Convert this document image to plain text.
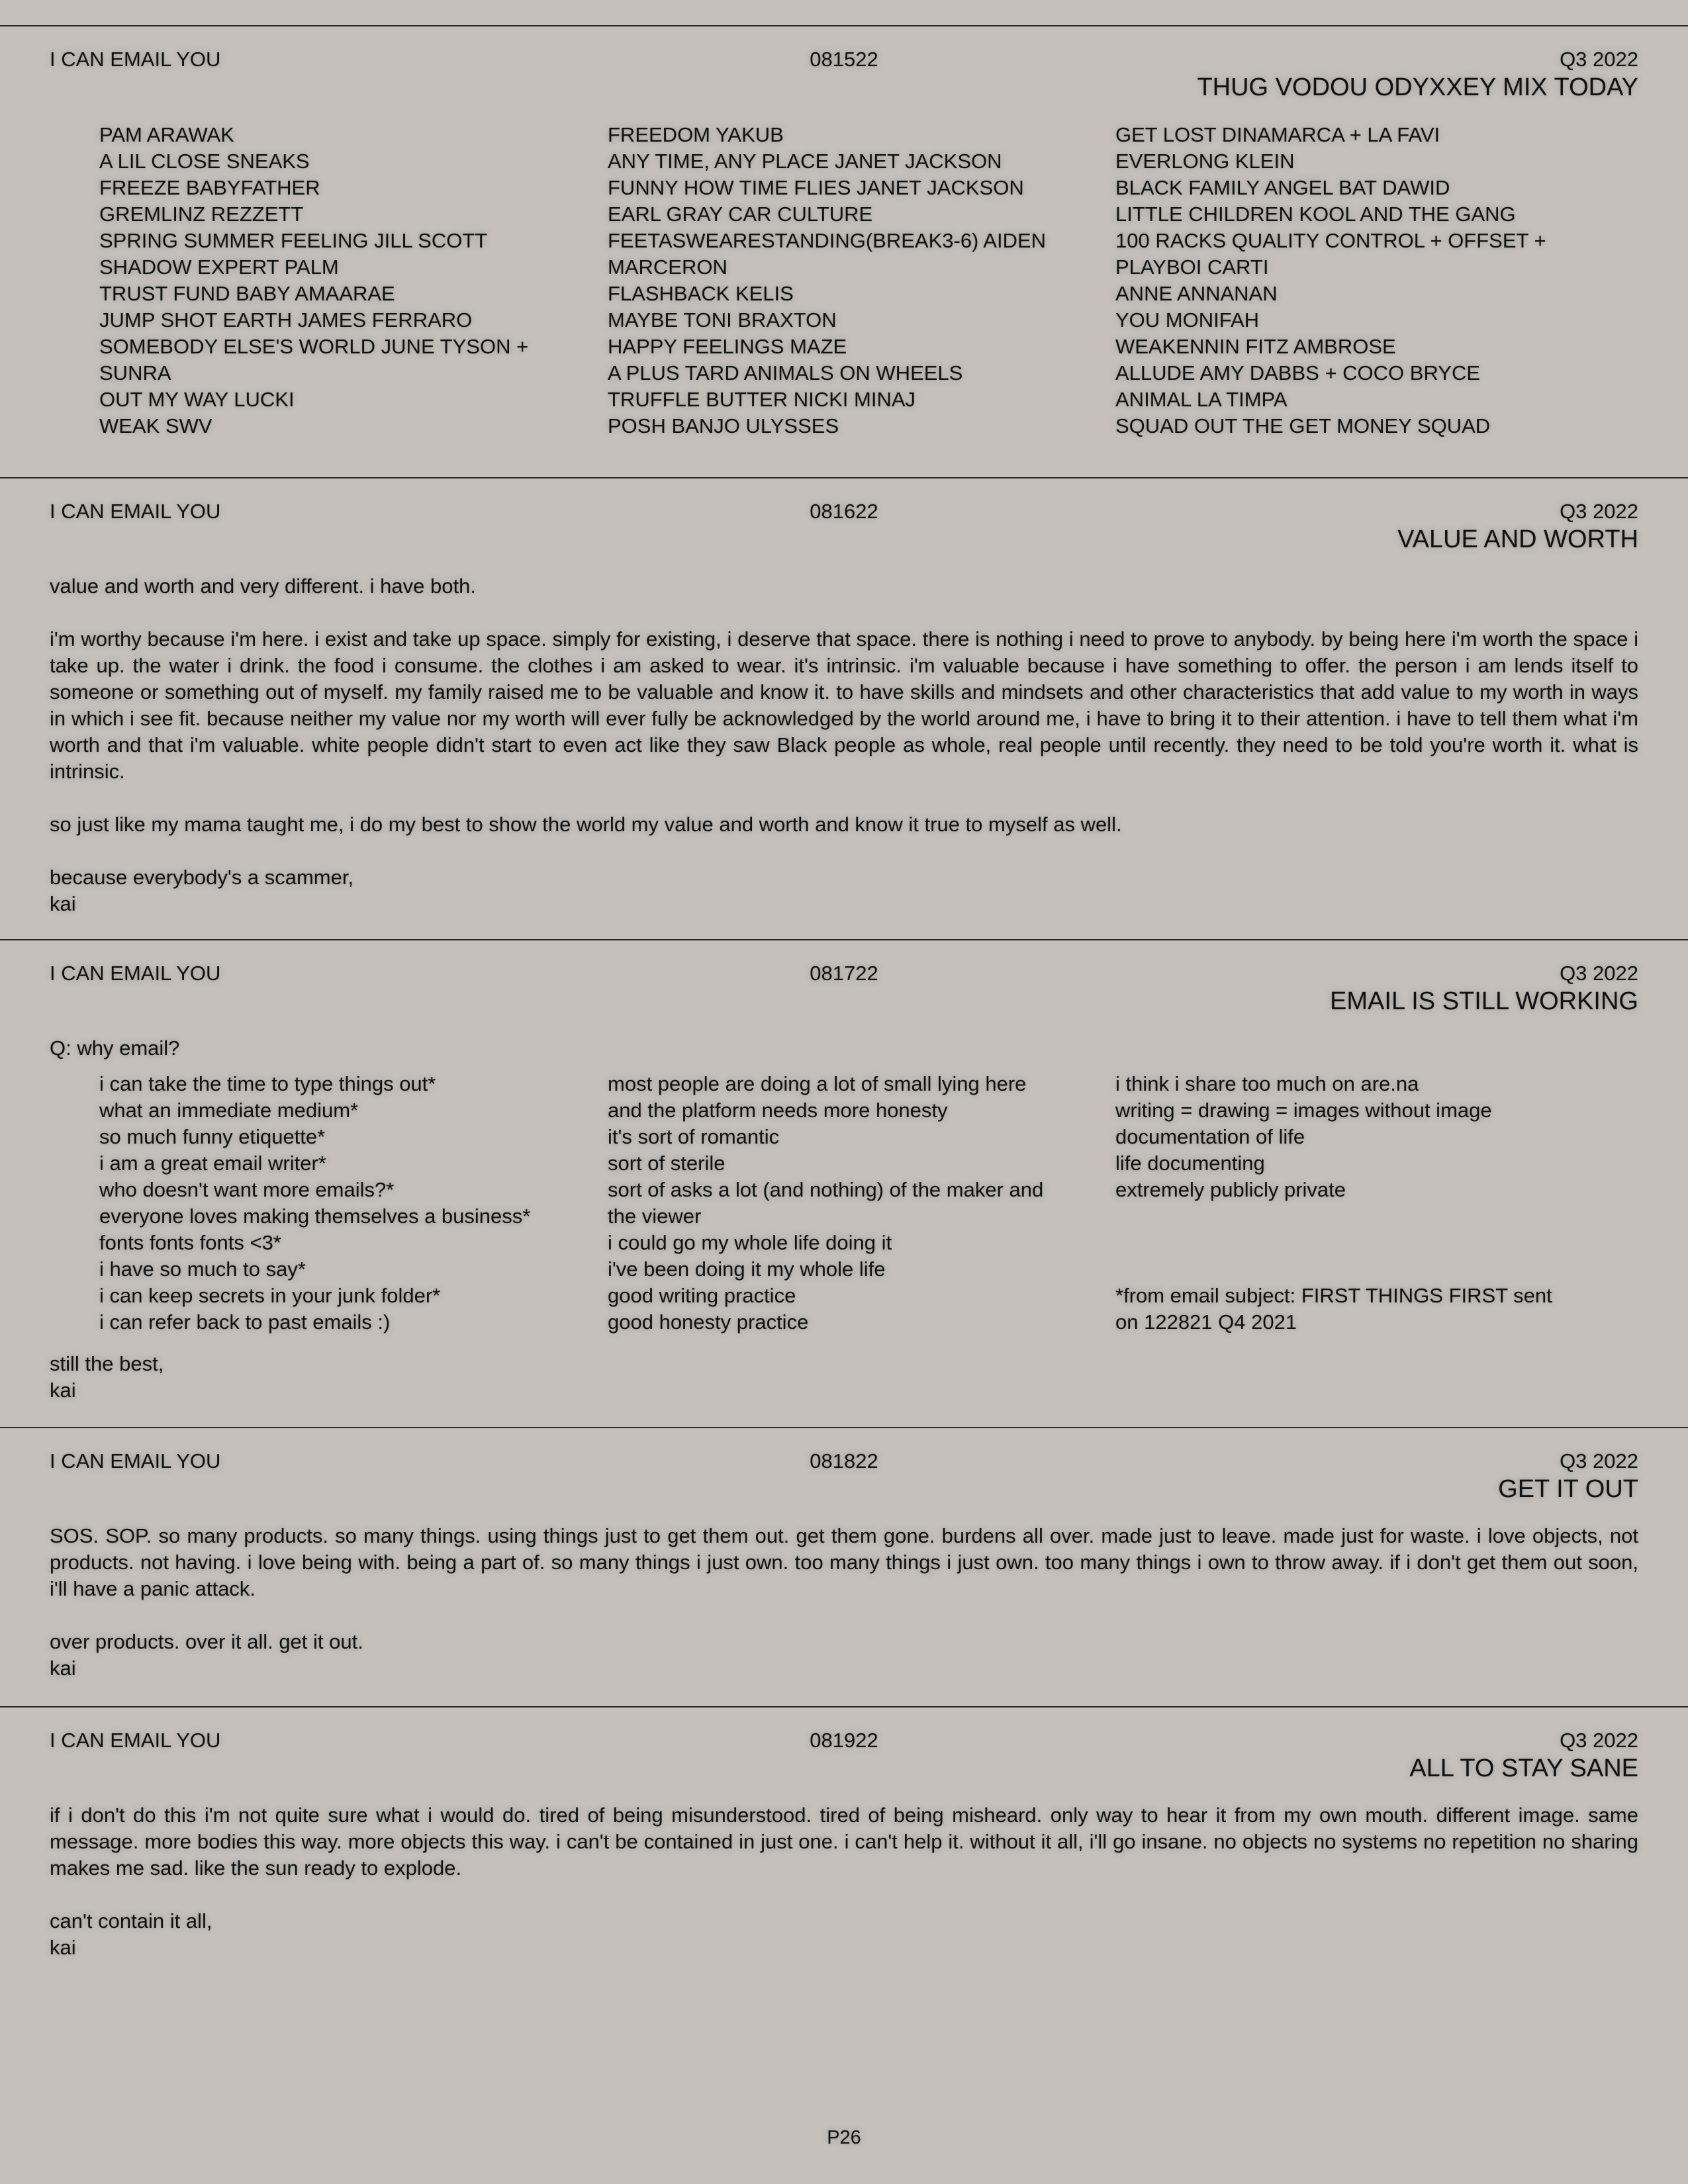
I CAN EMAIL YOU	081522	Q3 2022
THUG VODOU ODYXXEY MIX TODAY
PAM ARAWAK
A LIL CLOSE SNEAKS
FREEZE BABYFATHER
GREMLINZ REZZETT
SPRING SUMMER FEELING JILL SCOTT
SHADOW EXPERT PALM
TRUST FUND BABY AMAARAE
JUMP SHOT EARTH JAMES FERRARO
SOMEBODY ELSE'S WORLD JUNE TYSON +
SUNRA
OUT MY WAY LUCKI
WEAK SWV
FREEDOM YAKUB
ANY TIME, ANY PLACE JANET JACKSON
FUNNY HOW TIME FLIES JANET JACKSON
EARL GRAY CAR CULTURE
FEETASWEARESTANDING(BREAK3-6) AIDEN
MARCERON
FLASHBACK KELIS
MAYBE TONI BRAXTON
HAPPY FEELINGS MAZE
A PLUS TARD ANIMALS ON WHEELS
TRUFFLE BUTTER NICKI MINAJ
POSH BANJO ULYSSES
GET LOST DINAMARCA + LA FAVI
EVERLONG KLEIN
BLACK FAMILY ANGEL BAT DAWID
LITTLE CHILDREN KOOL AND THE GANG
100 RACKS QUALITY CONTROL + OFFSET +
PLAYBOI CARTI
ANNE ANNANAN
YOU MONIFAH
WEAKENNIN FITZ AMBROSE
ALLUDE AMY DABBS + COCO BRYCE
ANIMAL LA TIMPA
SQUAD OUT THE GET MONEY SQUAD
I CAN EMAIL YOU	081622	Q3 2022
VALUE AND WORTH

value and worth and very different. i have both.

i'm worthy because i'm here. i exist and take up space. simply for existing, i deserve that space. there is nothing i need to prove to anybody. by being here i'm worth the space i take up. the water i drink. the food i consume. the clothes i am asked to wear. it's intrinsic. i'm valuable because i have something to offer. the person i am lends itself to someone or something out of myself. my family raised me to be valuable and know it. to have skills and mindsets and other characteristics that add value to my worth in ways in which i see fit. because neither my value nor my worth will ever fully be acknowledged by the world around me, i have to bring it to their attention. i have to tell them what i'm worth and that i'm valuable. white people didn't start to even act like they saw Black people as whole, real people until recently. they need to be told you're worth it. what is intrinsic.

so just like my mama taught me, i do my best to show the world my value and worth and know it true to myself as well.

because everybody's a scammer,
kai
I CAN EMAIL YOU	081722	Q3 2022
EMAIL IS STILL WORKING
Q: why email?
i can take the time to type things out*
what an immediate medium*
so much funny etiquette*
i am a great email writer*
who doesn't want more emails?*
everyone loves making themselves a business*
fonts fonts fonts <3*
i have so much to say*
i can keep secrets in your junk folder*
i can refer back to past emails :)
most people are doing a lot of small lying here
and the platform needs more honesty
it's sort of romantic
sort of sterile
sort of asks a lot (and nothing) of the maker and
the viewer
i could go my whole life doing it
i've been doing it my whole life
good writing practice
good honesty practice
i think i share too much on are.na
writing = drawing = images without image
documentation of life
life documenting
extremely publicly private
*from email subject: FIRST THINGS FIRST sent
on 122821 Q4 2021
still the best,
kai
I CAN EMAIL YOU	081822	Q3 2022
GET IT OUT

SOS. SOP. so many products. so many things. using things just to get them out. get them gone. burdens all over. made just to leave. made just for waste. i love objects, not products. not having. i love being with. being a part of. so many things i just own. too many things i just own. too many things i own to throw away. if i don't get them out soon, i'll have a panic attack.

over products. over it all. get it out.
kai
I CAN EMAIL YOU	081922	Q3 2022
ALL TO STAY SANE

if i don't do this i'm not quite sure what i would do. tired of being misunderstood. tired of being misheard. only way to hear it from my own mouth. different image. same message. more bodies this way. more objects this way. i can't be contained in just one. i can't help it. without it all, i'll go insane. no objects no systems no repetition no sharing makes me sad. like the sun ready to explode.

can't contain it all,
kai
P26
